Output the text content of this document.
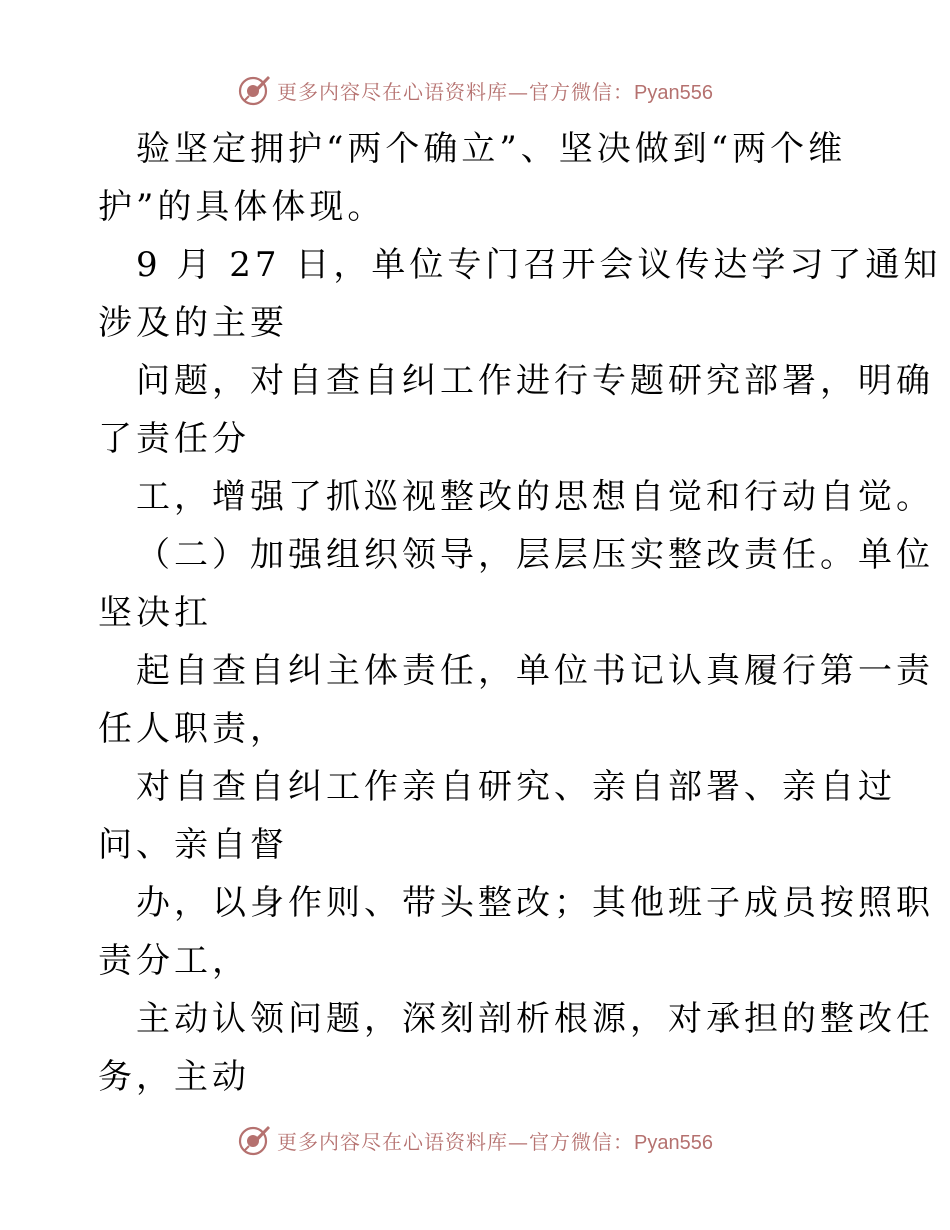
更多内容尽在心语资料库—官方微信：Pyan556
验坚定拥护“两个确立”、坚决做到“两个维
护”的具体体现。
9 月 27 日，单位专门召开会议传达学习了通知
涉及的主要
问题，对自查自纠工作进行专题研究部署，明确
了责任分
工，增强了抓巡视整改的思想自觉和行动自觉。
（二）加强组织领导，层层压实整改责任。单位
坚决扛
起自查自纠主体责任，单位书记认真履行第一责
任人职责，
对自查自纠工作亲自研究、亲自部署、亲自过
问、亲自督
办，以身作则、带头整改；其他班子成员按照职
责分工，
主动认领问题，深刻剖析根源，对承担的整改任
务，主动
更多内容尽在心语资料库—官方微信：Pyan556
